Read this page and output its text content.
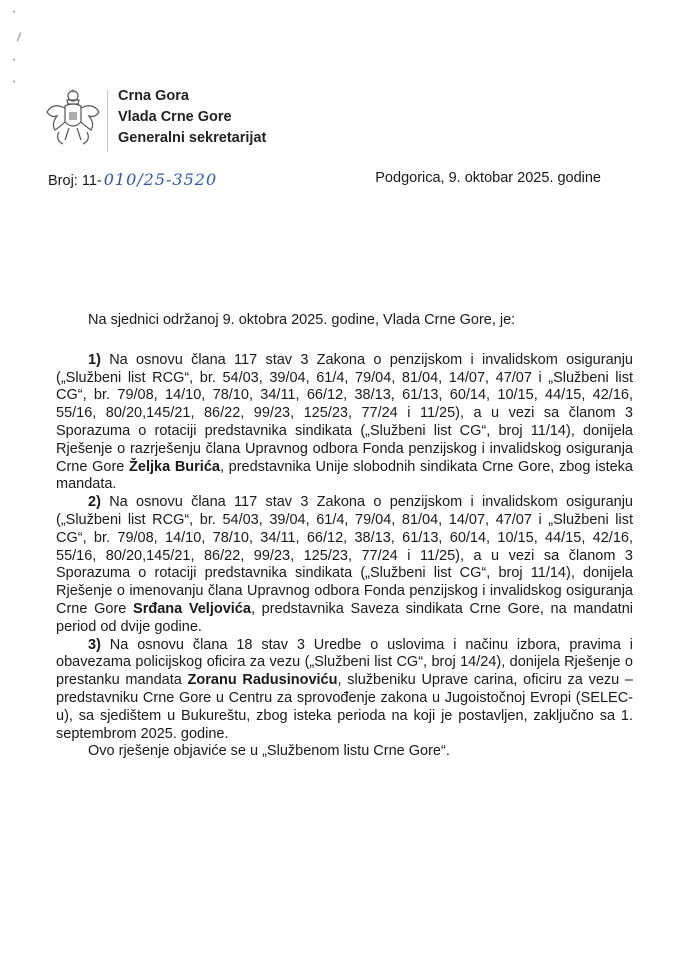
Crna Gora
Vlada Crne Gore
Generalni sekretarijat
Broj: 11- 010/25-3520	Podgorica, 9. oktobar 2025. godine
Na sjednici održanoj 9. oktobra 2025. godine, Vlada Crne Gore, je:

1) Na osnovu člana 117 stav 3 Zakona o penzijskom i invalidskom osiguranju („Službeni list RCG“, br. 54/03, 39/04, 61/4, 79/04, 81/04, 14/07, 47/07 i „Službeni list CG“, br. 79/08, 14/10, 78/10, 34/11, 66/12, 38/13, 61/13, 60/14, 10/15, 44/15, 42/16, 55/16, 80/20,145/21, 86/22, 99/23, 125/23, 77/24 i 11/25), a u vezi sa članom 3 Sporazuma o rotaciji predstavnika sindikata („Službeni list CG“, broj 11/14), donijela Rješenje o razrješenju člana Upravnog odbora Fonda penzijskog i invalidskog osiguranja Crne Gore Željka Burića, predstavnika Unije slobodnih sindikata Crne Gore, zbog isteka mandata.

2) Na osnovu člana 117 stav 3 Zakona o penzijskom i invalidskom osiguranju („Službeni list RCG“, br. 54/03, 39/04, 61/4, 79/04, 81/04, 14/07, 47/07 i „Službeni list CG“, br. 79/08, 14/10, 78/10, 34/11, 66/12, 38/13, 61/13, 60/14, 10/15, 44/15, 42/16, 55/16, 80/20,145/21, 86/22, 99/23, 125/23, 77/24 i 11/25), a u vezi sa članom 3 Sporazuma o rotaciji predstavnika sindikata („Službeni list CG“, broj 11/14), donijela Rješenje o imenovanju člana Upravnog odbora Fonda penzijskog i invalidskog osiguranja Crne Gore Srđana Veljovića, predstavnika Saveza sindikata Crne Gore, na mandatni period od dvije godine.

3) Na osnovu člana 18 stav 3 Uredbe o uslovima i načinu izbora, pravima i obavezama policijskog oficira za vezu („Službeni list CG“, broj 14/24), donijela Rješenje o prestanku mandata Zoranu Radusinoviću, službeniku Uprave carina, oficiru za vezu – predstavniku Crne Gore u Centru za sprovođenje zakona u Jugoistočnoj Evropi (SELEC-u), sa sjedištem u Bukureštu, zbog isteka perioda na koji je postavljen, zaključno sa 1. septembrom 2025. godine.

Ovo rješenje objaviće se u „Službenom listu Crne Gore“.
